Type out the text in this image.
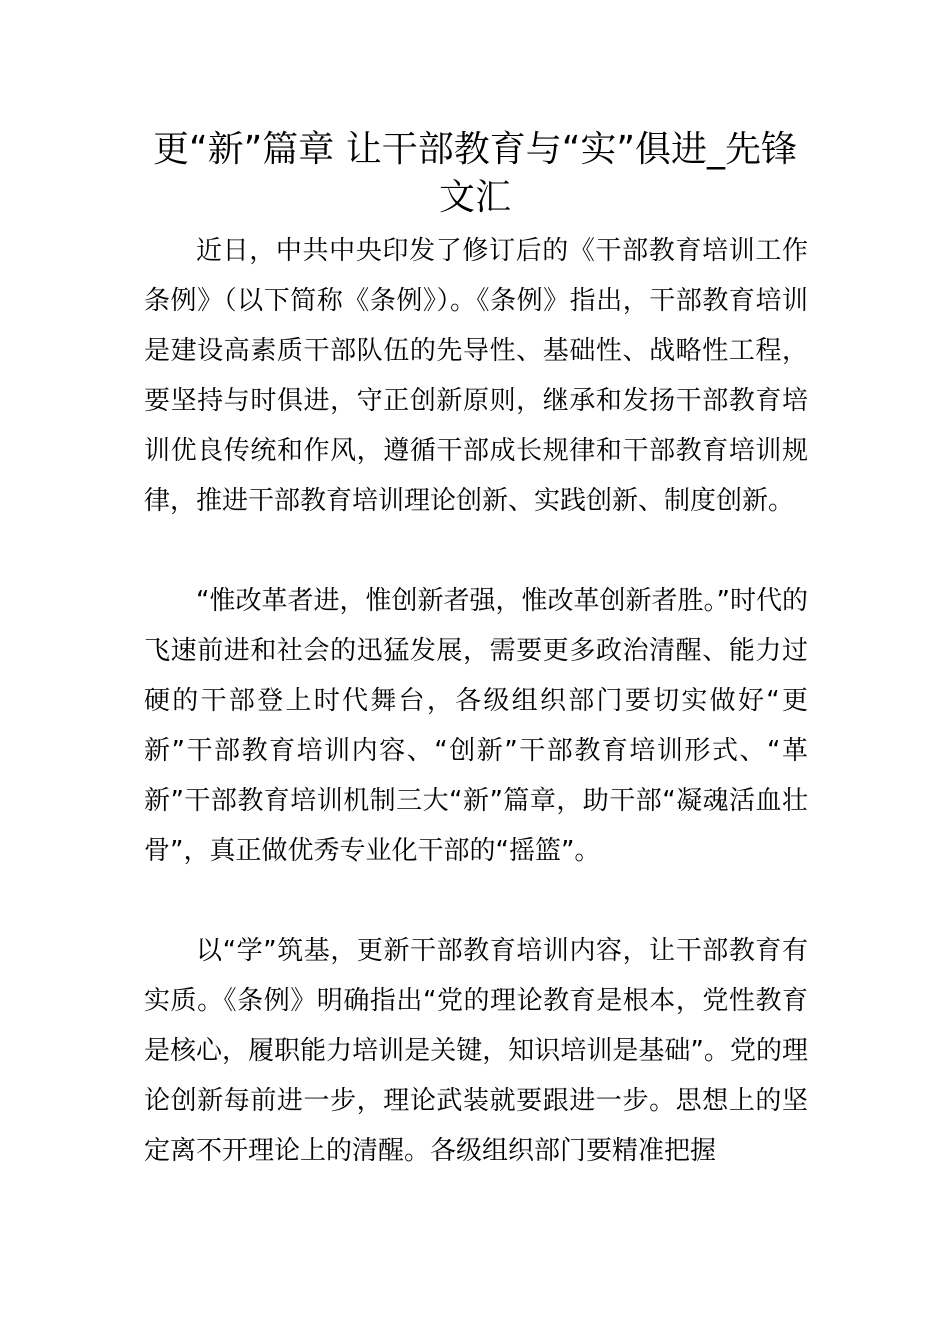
更“新”篇章 让干部教育与“实”俱进_先锋文汇

近日，中共中央印发了修订后的《干部教育培训工作条例》（以下简称《条例》）。《条例》指出，干部教育培训是建设高素质干部队伍的先导性、基础性、战略性工程，要坚持与时俱进，守正创新原则，继承和发扬干部教育培训优良传统和作风，遵循干部成长规律和干部教育培训规律，推进干部教育培训理论创新、实践创新、制度创新。

“惟改革者进，惟创新者强，惟改革创新者胜。”时代的飞速前进和社会的迅猛发展，需要更多政治清醒、能力过硬的干部登上时代舞台，各级组织部门要切实做好“更新”干部教育培训内容、“创新”干部教育培训形式、“革新”干部教育培训机制三大“新”篇章，助干部“凝魂活血壮骨”，真正做优秀专业化干部的“摇篮”。

以“学”筑基，更新干部教育培训内容，让干部教育有实质。《条例》明确指出“党的理论教育是根本，党性教育是核心，履职能力培训是关键，知识培训是基础”。党的理论创新每前进一步，理论武装就要跟进一步。思想上的坚定离不开理论上的清醒。各级组织部门要精准把握
